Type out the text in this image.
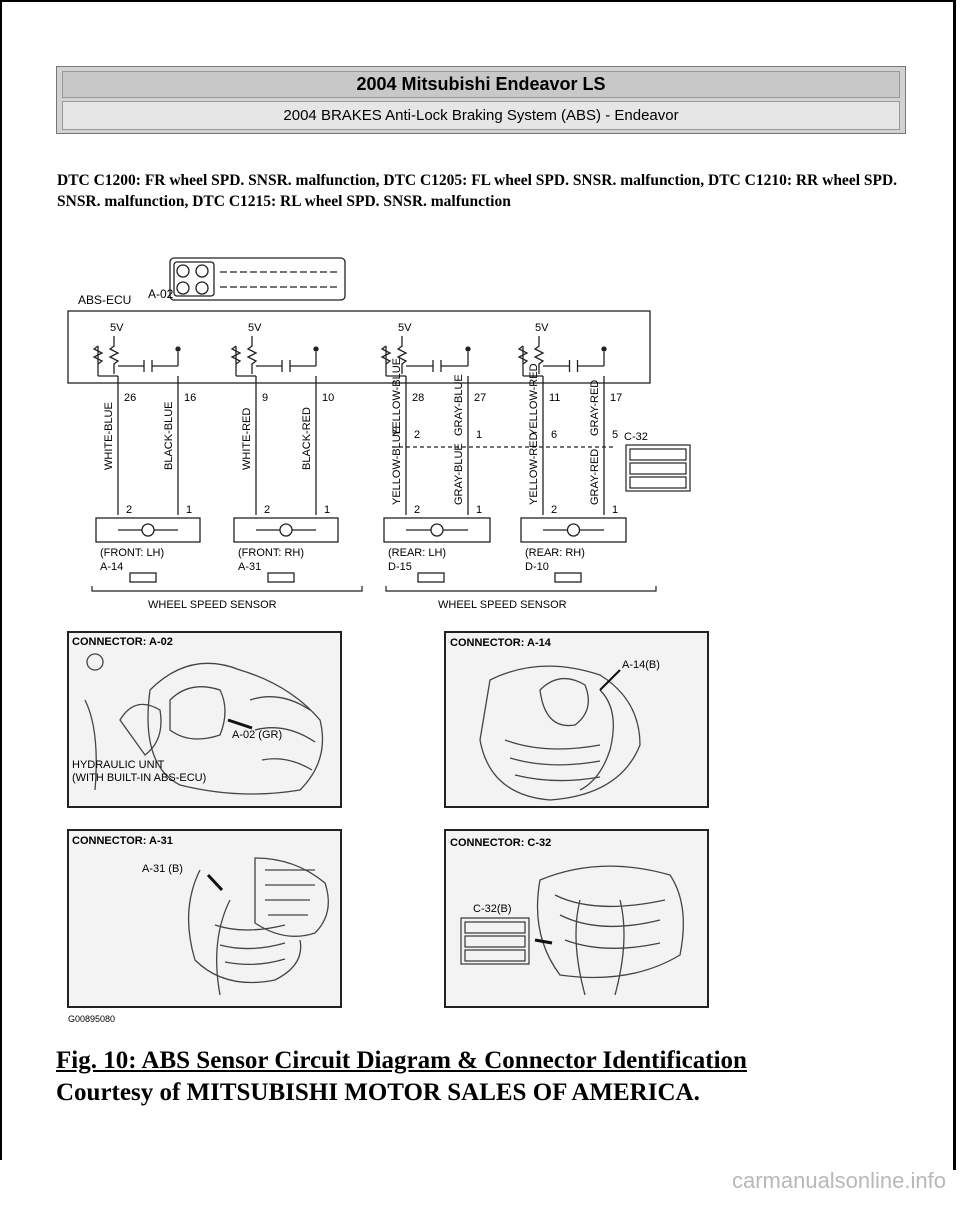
2004 Mitsubishi Endeavor LS
2004 BRAKES Anti-Lock Braking System (ABS) - Endeavor
DTC C1200: FR wheel SPD. SNSR. malfunction, DTC C1205: FL wheel SPD. SNSR. malfunction, DTC C1210: RR wheel SPD. SNSR. malfunction, DTC C1215: RL wheel SPD. SNSR. malfunction
ABS-ECU A-02
5V
26	16
WHITE-BLUE	BLACK-BLUE
2	1
(FRONT: LH)
A-14
5V
9	10
WHITE-RED	BLACK-RED
2	1
(FRONT: RH)
A-31
5V
28	27
YELLOW-BLUE	GRAY-BLUE
YELLOW-BLUE	GRAY-BLUE
2	1
2	1
(REAR: LH)
D-15
5V
11	17
YELLOW-RED	GRAY-RED
YELLOW-RED	GRAY-RED
6	5
2	1
(REAR: RH)
D-10
C-32
WHEEL SPEED SENSOR	WHEEL SPEED SENSOR
CONNECTOR: A-02
A-02 (GR)
HYDRAULIC UNIT
(WITH BUILT-IN ABS-ECU)
CONNECTOR: A-14
A-14(B)
CONNECTOR: A-31
A-31 (B)
CONNECTOR: C-32
C-32(B)
G00895080
Fig. 10: ABS Sensor Circuit Diagram & Connector Identification
Courtesy of MITSUBISHI MOTOR SALES OF AMERICA.
carmanualsonline.info
